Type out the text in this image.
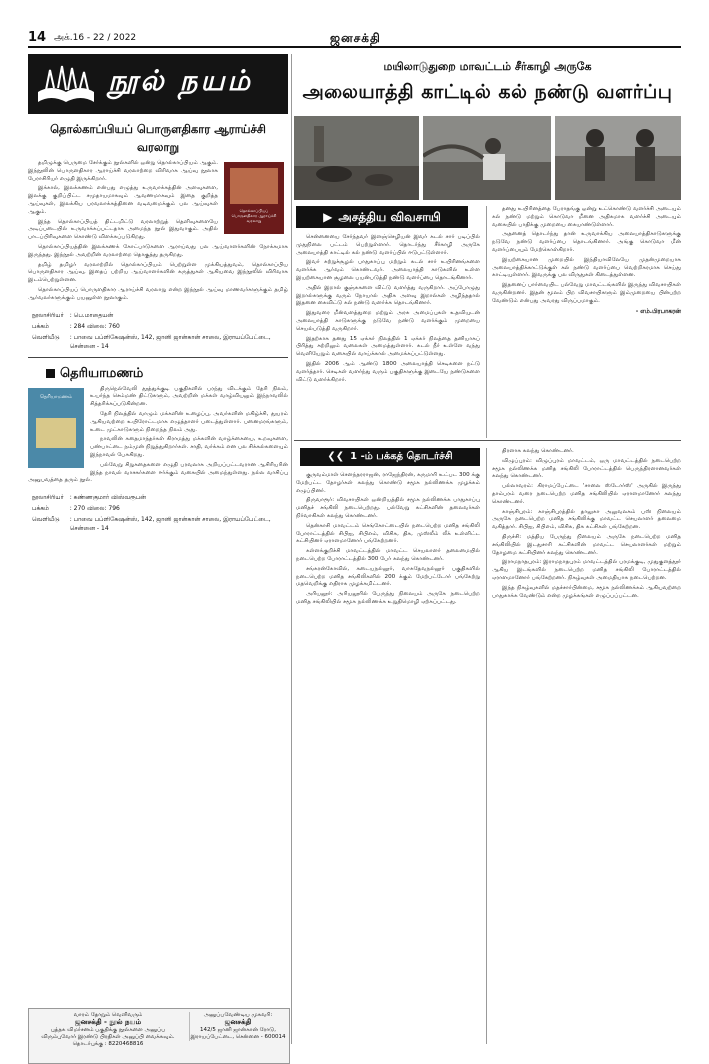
14 அக்.16 - 22 / 2022	ஜனசக்தி
நூல் நயம்
தொல்காப்பியப் பொருளதிகார ஆராய்ச்சி
வரலாறு
தொல்காப்பியப் பொருளதிகார ஆராய்ச்சி வரலாறு

தமிழுக்கு பெருமை சேர்க்கும் நூல்களில் ஒன்று தொல்காப்பியம் ஆகும். இந்நூலின் பொருளதிகார ஆராய்ச்சி வரலாற்றை விரிவாக ஆய்வு நூலாக பேராசிரியர் எழுதி இருக்கிறார்.

இக்கால், இலக்கணம் என்பது எழுத்து உருவாக்கத்தின் அளவுகளை, இலக்கு குறிப்பிட்ட சமுதாயமாகவும் ஆவணமாகவும் இதை குறித்த ஆய்வுகள், இலக்கிய பரவலாக்கத்தினை வடிவமைக்கும் பல ஆய்வுகள் ஆகும்.

இந்த தொல்காப்பியத் திட்டமிட்டு வரலாற்றுத் தெளிவுகளையே அடிப்படையில் உருவாக்கப்பட்டதாக அமைந்த நூல் இதுவாகும். அதில் பாடப்பிரிவுகளை கொண்டு விளக்கப்படுகிறது.

தொல்காப்பியத்தின் இலக்கணக் கோட்பாடுகளை ஆராய்வது பல ஆய்வாளர்களின் நோக்கமாக இருந்தது. இந்நூல் அவற்றின் வரலாற்றை தொகுத்து தருகிறது.

தமிழ் தமிழர் வரலாற்றில் தொல்காப்பியம் பெற்றுள்ள முக்கியத்துவம், தொல்காப்பிய பொருளதிகார ஆய்வு, இதைப் பற்றிய ஆய்வாளர்களின் கருத்துகள் ஆகியவை இந்நூலில் விரிவாக இடம்பெற்றுள்ளன.

தொல்காப்பியப் பொருளதிகார ஆராய்ச்சி வரலாறு என்ற இந்நூல் ஆய்வு மாணவர்களுக்கும் தமிழ் ஆர்வலர்களுக்கும் பயனுள்ள நூலாகும்.

நூலாசிரியர்	: பெ.மாதையன்
பக்கம்	: 284 விலை: 760
வெளியீடு	: பாவை பப்ளிகேஷன்ஸ், 142, ஜானி ஜான்கான் சாலை, இராயப்பேட்டை, சென்னை - 14
தெரியாமணம்
தெரியாமணம்

திருநெல்வேலி தூத்துக்குடி பகுதிகளில் பரந்து விடக்கும் தேரி நிலம், உயர்ந்த செம்மண் திட்டுகளும், அவற்றின் மக்கள் வாழ்வியலும் இந்நாவலில் சித்தரிக்கப்படுகின்றன.

தேரி நிலத்தில் வாழும் மக்களின் உழைப்பு, அவர்களின் மகிழ்ச்சி, துயரம் ஆகியவற்றை உயிரோட்டமாக எழுத்தாளர் படைத்துள்ளார். பனைமரங்களும், உடை முட்காடுகளும் நிறைந்த நிலம் அது.

நாவலின் கதைமாந்தர்கள் கிராமத்து மக்களின் வாழ்க்கையை, உறவுகளை, பண்பாட்டை நம்முன் நிறுத்துகிறார்கள். சாதி, வர்க்கம் என பல சிக்கல்களையும் இந்நாவல் பேசுகிறது.

பல்வேறு சிறுகதைகளை எழுதி பரவலாக அறியப்பட்டவரான ஆசிரியரின் இந்த நாவல் வாசகர்களை ஈர்க்கும் வகையில் அமைந்துள்ளது. நல்ல வாசிப்பு அனுபவத்தை தரும் நூல்.

நூலாசிரியர்	: கண்ணகுமார் விஸ்வரூபன்
பக்கம்	: 270 விலை: 796
வெளியீடு	: பாவை பப்ளிகேஷன்ஸ், 142, ஜானி ஜான்கான் சாலை, இராயப்பேட்டை, சென்னை - 14
வாரம் தோறும் வெளிவரும்
ஜனசக்தி - நூல் நயம்
புத்தக விமர்சனம் பகுதிக்கு நூல்களை அனுப்ப விரும்புவோர் இரண்டு பிரதிகள் அனுப்பி வைக்கவும்.
தொடர்புக்கு : 8220468816
அனுப்பவேண்டிய முகவரி:
ஜனசக்தி
142/5 ஜானி ஜான்கான் ரோடு, இராயப்பேட்டை, சென்னை - 600014
மயிலாடுதுறை மாவட்டம் சீர்காழி அருகே
அலையாத்தி காட்டில் கல் நண்டு வளர்ப்பு
▶ அசத்திய விவசாயி

சென்னையை சேர்ந்தவர் இளஞ்செழியன் இவர் கடல் சார் படிப்பில் முதுநிலை பட்டம் பெற்றுள்ளார். தொடர்ந்து சீர்காழி அருகே அலையாத்தி காட்டில் கல் நண்டு வளர்ப்பில் ஈடுபட்டுள்ளார்.

இவர் சுற்றுச்சூழல் பாதுகாப்பு மற்றும் கடல் சார் உயிரினங்களை வளர்க்க ஆர்வம் கொண்டவர். அலையாத்தி காடுகளில் உள்ள இயற்கையான சூழலை பயன்படுத்தி நண்டு வளர்ப்பை தொடங்கினார்.

அதில் இறால் குஞ்சுகளை விட்டு வளர்த்து வருகிறார். அப்போழுது இறால்களுக்கு வரும் நோயால் அதிக அளவு இறால்கள் அழிந்ததால் இதனை கைவிட்டு கல் நண்டு வளர்க்க தொடங்கினார்.

இதுவரை மீன்வளத்துறை மற்றும் அரசு அமைப்புகள் உதவியுடன் அலையாத்தி காடுகளுக்கு நடுவே நண்டு வளர்க்கும் முறையை செயல்படுத்தி வருகிறார்.

இதற்காக தனது 15 ஏக்கர் நிலத்தில் 1 ஏக்கர் நிலத்தை தனியாகப் பிரித்து சுற்றிலும் வலைகள் அமைத்துள்ளார். கடல் நீர் உள்ளே வந்து வெளியேறும் வகையில் வாய்க்கால் அமைக்கப்பட்டுள்ளது.

இதில் 2006 ஆம் ஆண்டு 1800 அலையாத்தி செடிகளை நட்டு வளர்த்தார். செடிகள் வளர்ந்து வரும் பகுதிகளுக்கு இடையே நண்டுகளை விட்டு வளர்க்கிறார்.

தனது உயிரினத்தை பேராதங்கு ஒன்று உட்கொண்டு வளர்ச்சி அடையும் கல் நண்டு மற்றும் கொடுவா மீனை அதிகமாக வளர்ச்சி அடையும் வகையில் பாதிக்கு முறையை கையாண்டுள்ளார்.

அதனைத் தொடர்ந்து தான் உருவாக்கிய அலையாத்திகாடுகளுக்கு நடுவே நண்டு வளர்ப்பை தொடங்கினார். அங்கு கொடுவா மீன் வளர்ப்பையும் மேற்கொள்கிறார்.

இயற்கையான முறையில் இந்தியாவிலேயே முதன்முறையாக அலையாத்திக்காட்டுக்குள் கல் நண்டு வளர்ப்பை வெற்றிகரமாக செய்து காட்டியுள்ளார். இவருக்கு பல விருதுகள் கிடைத்துள்ளன.

இதனைப் பார்வையிட பல்வேறு மாவட்டங்களில் இருந்து விவசாயிகள் வருகின்றனர். இதன் மூலம் பிற விவசாயிகளும் இம்முறையை பின்பற்ற வேண்டும் என்பது அவரது விருப்பமாகும்.

- எம்.பிரபாகரன்
❮❮ 1 -ம் பக்கத் தொடர்ச்சி

குருவம்மாள் சௌந்தரராஜன், ராஜேந்திரன், கருமாரி உட்பட 300 க்கு மேற்பட்ட தோழர்கள் கலந்து கொண்டு சமூக நல்லிணக்க முழக்கம் எழுப்பினர்.

திருவாரூர்: விவசாயிகள் ஒன்றியத்தில் சமூக நல்லிணக்க பாதுகாப்பு மனிதச் சங்கிலி நடைபெற்றது. பல்வேறு கட்சிகளின் தலைவர்கள் நிர்வாகிகள் கலந்து கொண்டனர்.

தென்காசி மாவட்டம் செங்கோட்டையில் நடைபெற்ற மனித சங்கிலி போராட்டத்தில் சிபிஐ, சிபிஎம், விசிக, திக, முஸ்லீம் லீக் உள்ளிட்ட கட்சியினர் ஏராளமானோர் பங்கேற்றனர்.

கள்ளக்குறிச்சி மாவட்டத்தில் மாவட்ட செயலாளர் தலைமையில் நடைபெற்ற போராட்டத்தில் 300 பேர் கலந்து கொண்டனர்.

சங்கரன்கோவில், கடையநல்லூர், வாசுதேவநல்லூர் பகுதிகளில் நடைபெற்ற மனித சங்கிலிகளில் 200 க்கும் மேற்பட்டோர் பங்கேற்று மதவெறிக்கு எதிராக முழக்கமிட்டனர்.

அரியலூர்: அரியலூரில் பேருந்து நிலையம் அருகே நடைபெற்ற மனித சங்கிலியில் சமூக நல்லிணக்க உறுதிமொழி ஏற்கப்பட்டது.

திரளாக கலந்து கொண்டனர்.

விழுப்புரம்: விழுப்புரம் மாவட்டம், ஒரு மாவட்டத்தில் நடைபெற்ற சமூக நல்லிணக்க மனித சங்கிலி போராட்டத்தில் பெருந்திரளானவர்கள் கலந்து கொண்டனர்.

பல்லாவரம்: கிராமப்பேட்டை 'சாலை ஸ்டோர்ஸ்' அருகில் இருந்து தாம்பரம் வரை நடைபெற்ற மனித சங்கிலியில் ஏராளமானோர் கலந்து கொண்டனர்.

காஞ்சிபுரம்: காஞ்சிபுரத்தில் தாலுகா அலுவலகம் பஸ் நிலையம் அருகே நடைபெற்ற மனித சங்கிலிக்கு மாவட்ட செயலாளர் தலைமை வகித்தார். சிபிஐ, சிபிஎம், விசிக, திக கட்சிகள் பங்கேற்றன.

திருச்சி: மத்திய பேருந்து நிலையம் அருகே நடைபெற்ற மனித சங்கிலியில் இடதுசாரி கட்சிகளின் மாவட்ட செயலாளர்கள் மற்றும் தோழமை கட்சியினர் கலந்து கொண்டனர்.

இராமநாதபுரம்: இராமநாதபுரம் மாவட்டத்தில் பரமக்குடி, முதுகுளத்தூர் ஆகிய இடங்களில் நடைபெற்ற மனித சங்கிலி போராட்டத்தில் ஏராளமானோர் பங்கேற்றனர். நிகழ்வுகள் அமைதியாக நடைபெற்றன.

இந்த நிகழ்வுகளில் மதச்சார்பின்மை, சமூக நல்லிணக்கம் ஆகியவற்றை பாதுகாக்க வேண்டும் என்ற முழக்கங்கள் எழுப்பப்பட்டன.
